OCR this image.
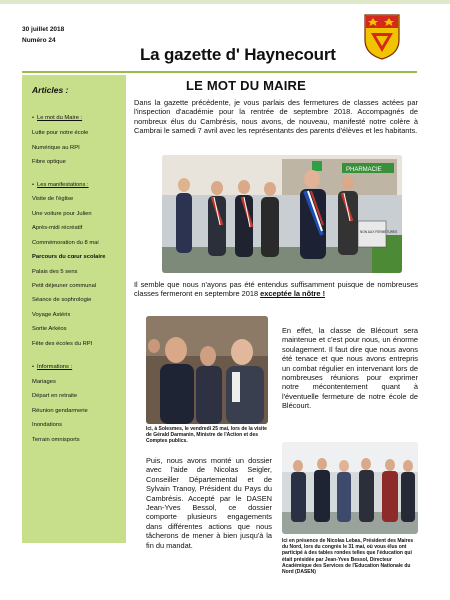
30 juillet 2018
Numéro 24
La gazette d' Haynecourt
Articles :
• Le mot du Maire :
Lutte pour notre école
Numérique au RPI
Fibre optique
• Les manifestations :
Visite de l'église
Une voiture pour Julien
Après-midi récréatif
Commémoration du 8 mai
Parcours du cœur scolaire
Palais des 5 sens
Petit déjeuner communal
Séance de sophrologie
Voyage Astérix
Sortie Arkéos
Fête des écoles du RPI
• Informations :
Mariages
Départ en retraite
Réunion gendarmerie
Inondations
Terrain omnisports
LE MOT DU MAIRE
Dans la gazette précédente, je vous parlais des fermetures de classes actées par l'inspection d'académie pour la rentrée de septembre 2018. Accompagnés de nombreux élus du Cambrésis, nous avons, de nouveau, manifesté notre colère à Cambrai le samedi 7 avril avec les représentants des parents d'élèves et les habitants.
PHARMACIE
NON AUX FERMETURES
Il semble que nous n'ayons pas été entendus suffisamment puisque de nombreuses classes fermeront en septembre 2018 exceptée la nôtre !
Ici, à Solesmes, le vendredi 25 mai, lors de la visite de Gérald Darmanin, Ministre de l'Action et des Comptes publics.
En effet, la classe de Blécourt sera maintenue et c'est pour nous, un énorme soulagement. Il faut dire que nous avons été tenace et que nous avons entrepris un combat régulier en intervenant lors de nombreuses réunions pour exprimer notre mécontentement quant à l'éventuelle fermeture de notre école de Blécourt.
Puis, nous avons monté un dossier avec l'aide de Nicolas Seigler, Conseiller Départemental et de Sylvain Tranoy, Président du Pays du Cambrésis. Accepté par le DASEN Jean-Yves Bessol, ce dossier comporte plusieurs engagements dans différentes actions que nous tâcherons de mener à bien jusqu'à la fin du mandat.	Ici en présence de Nicolas Lebas, Président des Maires du Nord, lors du congrès le 31 mai, où vous élus ont participé à des tables rondes telles que l'éducation qui était présidée par Jean-Yves Bessol, Directeur Académique des Services de l'Education Nationale du Nord (DASEN)
